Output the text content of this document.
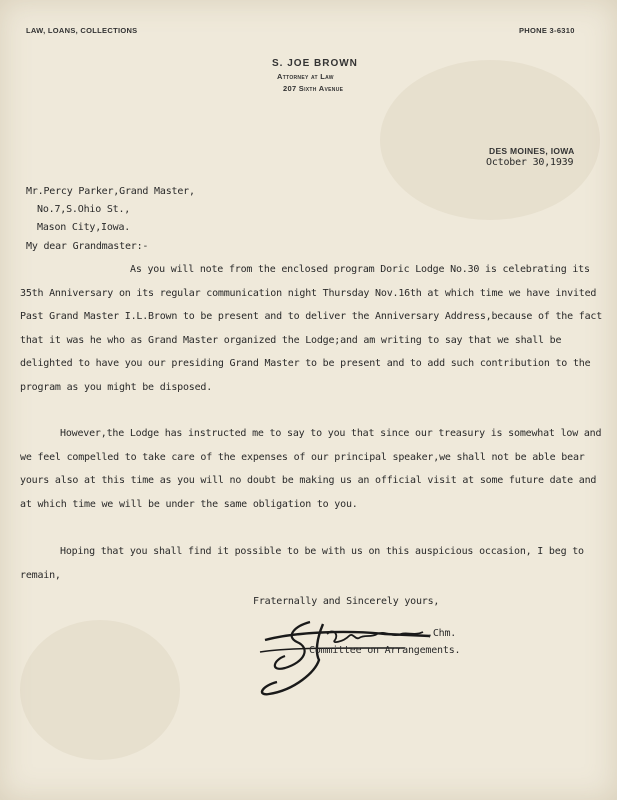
LAW, LOANS, COLLECTIONS	PHONE 3-6310
S. JOE BROWN
Attorney at Law
207 Sixth Avenue
DES MOINES, IOWA
October 30,1939
Mr.Percy Parker,Grand Master,
No.7,S.Ohio St.,
Mason City,Iowa.
My dear Grandmaster:-
As you will note from the enclosed program Doric Lodge No.30 is celebrating its 35th Anniversary on its regular communication night Thursday Nov.16th at which time we have invited Past Grand Master I.L.Brown to be present and to deliver the Anniversary Address,because of the fact that it was he who as Grand Master organized the Lodge;and am writing to say that we shall be delighted to have you our presiding Grand Master to be present and to add such contribution to the program as you might be disposed.
However,the Lodge has instructed me to say to you that since our treasury is somewhat low and we feel compelled to take care of the expenses of our principal speaker,we shall not be able bear yours also at this time as you will no doubt be making us an official visit at some future date and at which time we will be under the same obligation to you.
Hoping that you shall find it possible to be with us on this auspicious occasion, I beg to remain,
Fraternally and Sincerely yours,
,Chm.
Committee on Arrangements.
